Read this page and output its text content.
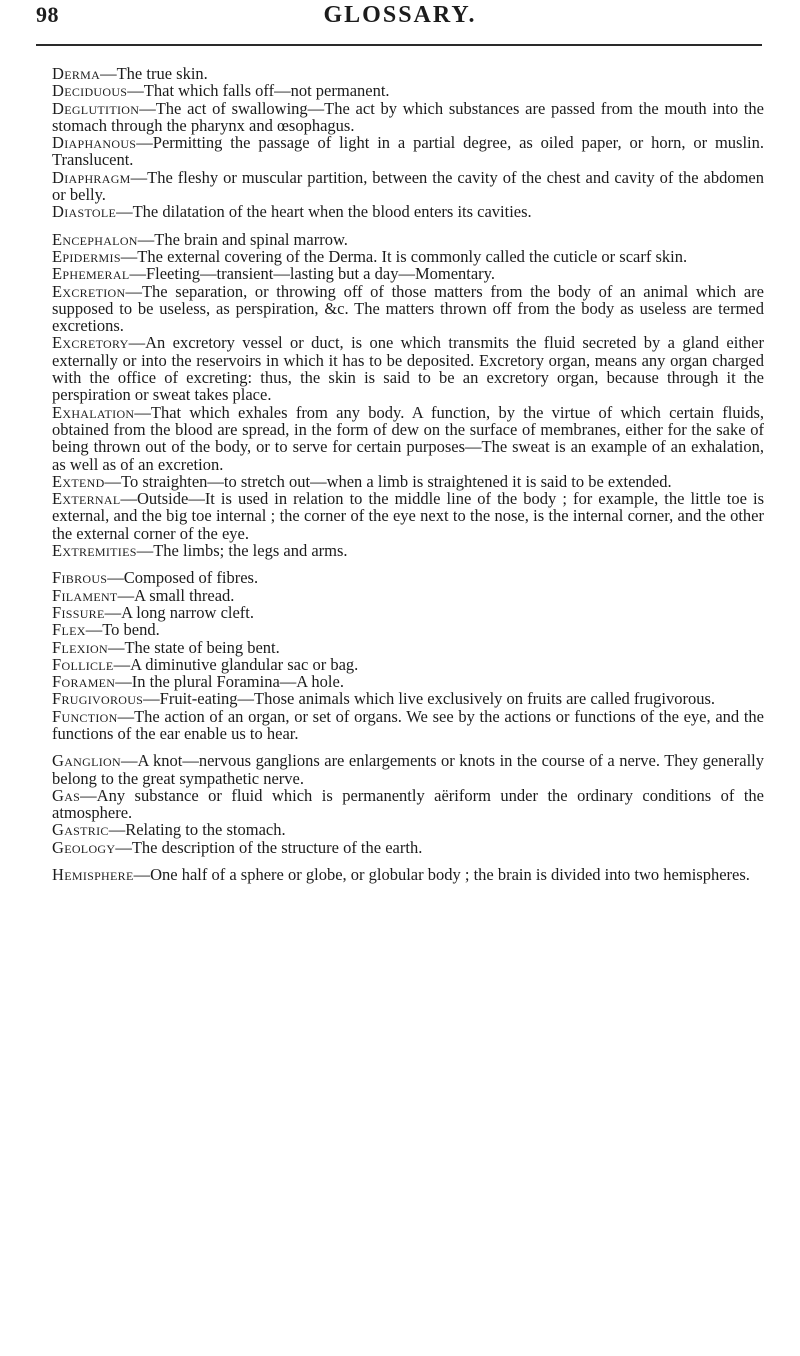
98	GLOSSARY.

Derma—The true skin.

Deciduous—That which falls off—not permanent.

Deglutition—The act of swallowing—The act by which substances are passed from the mouth into the stomach through the pharynx and œsophagus.

Diaphanous—Permitting the passage of light in a partial degree, as oiled paper, or horn, or muslin. Translucent.

Diaphragm—The fleshy or muscular partition, between the cavity of the chest and cavity of the abdomen or belly.

Diastole—The dilatation of the heart when the blood enters its cavities.

Encephalon—The brain and spinal marrow.

Epidermis—The external covering of the Derma. It is commonly called the cuticle or scarf skin.

Ephemeral—Fleeting—transient—lasting but a day—Momentary.

Excretion—The separation, or throwing off of those matters from the body of an animal which are supposed to be useless, as perspiration, &c. The matters thrown off from the body as useless are termed excretions.

Excretory—An excretory vessel or duct, is one which transmits the fluid secreted by a gland either externally or into the reservoirs in which it has to be deposited. Excretory organ, means any organ charged with the office of excreting: thus, the skin is said to be an excretory organ, because through it the perspiration or sweat takes place.

Exhalation—That which exhales from any body. A function, by the virtue of which certain fluids, obtained from the blood are spread, in the form of dew on the surface of membranes, either for the sake of being thrown out of the body, or to serve for certain purposes—The sweat is an example of an exhalation, as well as of an excretion.

Extend—To straighten—to stretch out—when a limb is straightened it is said to be extended.

External—Outside—It is used in relation to the middle line of the body ; for example, the little toe is external, and the big toe internal ; the corner of the eye next to the nose, is the internal corner, and the other the external corner of the eye.

Extremities—The limbs; the legs and arms.

Fibrous—Composed of fibres.

Filament—A small thread.

Fissure—A long narrow cleft.

Flex—To bend.

Flexion—The state of being bent.

Follicle—A diminutive glandular sac or bag.

Foramen—In the plural Foramina—A hole.

Frugivorous—Fruit-eating—Those animals which live exclusively on fruits are called frugivorous.

Function—The action of an organ, or set of organs. We see by the actions or functions of the eye, and the functions of the ear enable us to hear.

Ganglion—A knot—nervous ganglions are enlargements or knots in the course of a nerve. They generally belong to the great sympathetic nerve.

Gas—Any substance or fluid which is permanently aëriform under the ordinary conditions of the atmosphere.

Gastric—Relating to the stomach.

Geology—The description of the structure of the earth.

Hemisphere—One half of a sphere or globe, or globular body ; the brain is divided into two hemispheres.
